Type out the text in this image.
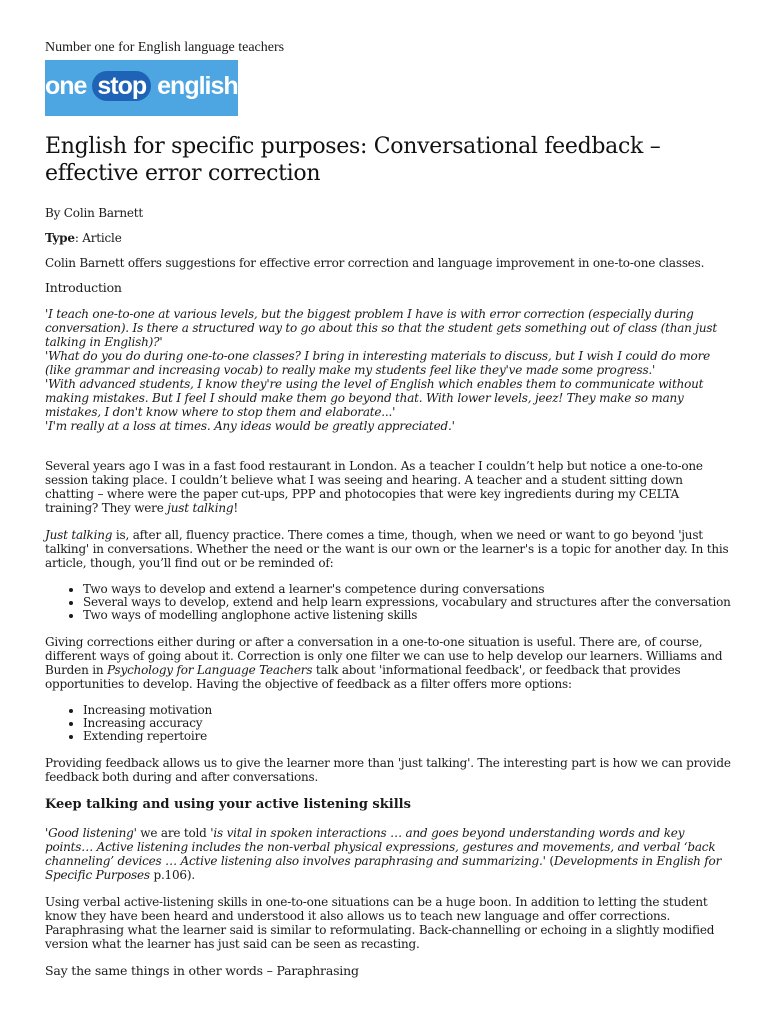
Number one for English language teachers
one stop english
English for specific purposes: Conversational feedback – effective error correction

By Colin Barnett

Type: Article

Colin Barnett offers suggestions for effective error correction and language improvement in one-to-one classes.

Introduction

'I teach one-to-one at various levels, but the biggest problem I have is with error correction (especially during conversation). Is there a structured way to go about this so that the student gets something out of class (than just talking in English)?'

'What do you do during one-to-one classes? I bring in interesting materials to discuss, but I wish I could do more (like grammar and increasing vocab) to really make my students feel like they've made some progress.'

'With advanced students, I know they're using the level of English which enables them to communicate without making mistakes. But I feel I should make them go beyond that. With lower levels, jeez! They make so many mistakes, I don't know where to stop them and elaborate...'

'I'm really at a loss at times. Any ideas would be greatly appreciated.'

Several years ago I was in a fast food restaurant in London. As a teacher I couldn’t help but notice a one-to-one session taking place. I couldn’t believe what I was seeing and hearing. A teacher and a student sitting down chatting – where were the paper cut-ups, PPP and photocopies that were key ingredients during my CELTA training? They were just talking!

Just talking is, after all, fluency practice. There comes a time, though, when we need or want to go beyond 'just talking' in conversations. Whether the need or the want is our own or the learner's is a topic for another day. In this article, though, you’ll find out or be reminded of:

• Two ways to develop and extend a learner's competence during conversations
• Several ways to develop, extend and help learn expressions, vocabulary and structures after the conversation
• Two ways of modelling anglophone active listening skills

Giving corrections either during or after a conversation in a one-to-one situation is useful. There are, of course, different ways of going about it. Correction is only one filter we can use to help develop our learners. Williams and Burden in Psychology for Language Teachers talk about 'informational feedback', or feedback that provides opportunities to develop. Having the objective of feedback as a filter offers more options:

• Increasing motivation
• Increasing accuracy
• Extending repertoire

Providing feedback allows us to give the learner more than 'just talking'. The interesting part is how we can provide feedback both during and after conversations.

Keep talking and using your active listening skills

'Good listening' we are told 'is vital in spoken interactions … and goes beyond understanding words and key points… Active listening includes the non-verbal physical expressions, gestures and movements, and verbal ‘back channeling’ devices … Active listening also involves paraphrasing and summarizing.' (Developments in English for Specific Purposes p.106).

Using verbal active-listening skills in one-to-one situations can be a huge boon. In addition to letting the student know they have been heard and understood it also allows us to teach new language and offer corrections. Paraphrasing what the learner said is similar to reformulating. Back-channelling or echoing in a slightly modified version what the learner has just said can be seen as recasting.

Say the same things in other words – Paraphrasing
